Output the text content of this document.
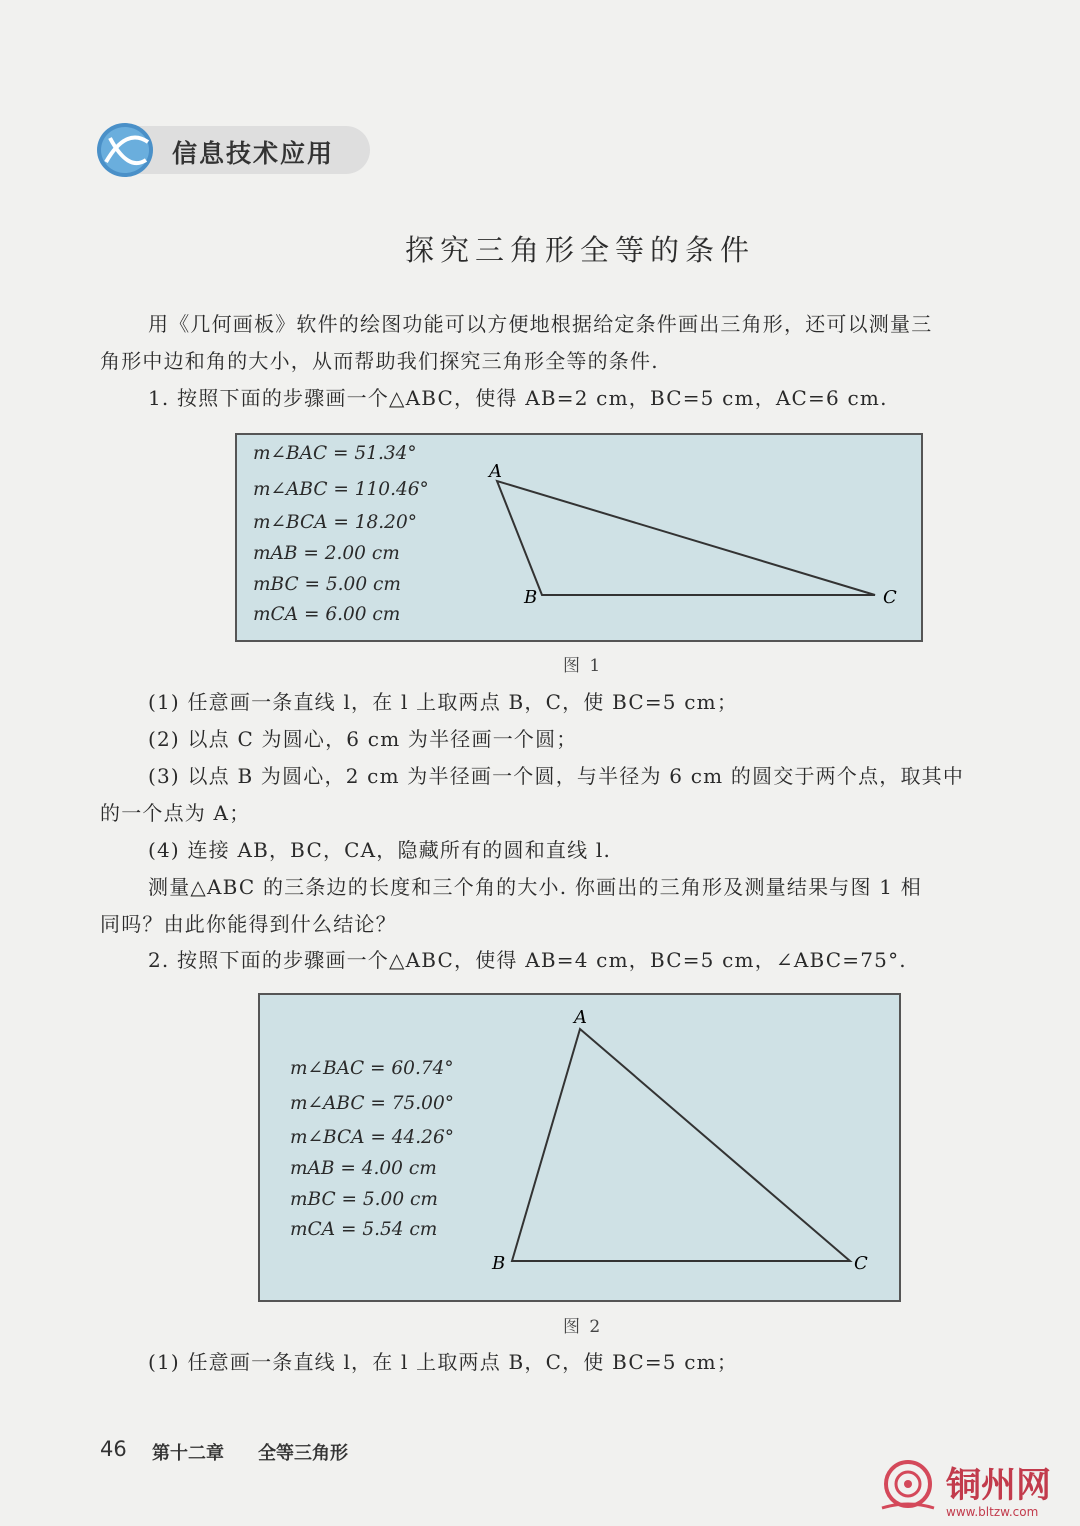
信息技术应用
探究三角形全等的条件
用《几何画板》软件的绘图功能可以方便地根据给定条件画出三角形，还可以测量三
角形中边和角的大小，从而帮助我们探究三角形全等的条件.
1. 按照下面的步骤画一个△ABC，使得 AB=2 cm，BC=5 cm，AC=6 cm.
m∠BAC = 51.34°
m∠ABC = 110.46°
m∠BCA = 18.20°
mAB = 2.00 cm
mBC = 5.00 cm
mCA = 6.00 cm
A
B	C
图 1
(1) 任意画一条直线 l，在 l 上取两点 B，C，使 BC=5 cm；
(2) 以点 C 为圆心，6 cm 为半径画一个圆；
(3) 以点 B 为圆心，2 cm 为半径画一个圆，与半径为 6 cm 的圆交于两个点，取其中
的一个点为 A；
(4) 连接 AB，BC，CA，隐藏所有的圆和直线 l.
测量△ABC 的三条边的长度和三个角的大小. 你画出的三角形及测量结果与图 1 相
同吗？由此你能得到什么结论？
2. 按照下面的步骤画一个△ABC，使得 AB=4 cm，BC=5 cm，∠ABC=75°.
m∠BAC = 60.74°
m∠ABC = 75.00°
m∠BCA = 44.26°
mAB = 4.00 cm
mBC = 5.00 cm
mCA = 5.54 cm
A
B	C
图 2
(1) 任意画一条直线 l，在 l 上取两点 B，C，使 BC=5 cm；
46 第十二章 全等三角形
铜州网
www.bltzw.com
